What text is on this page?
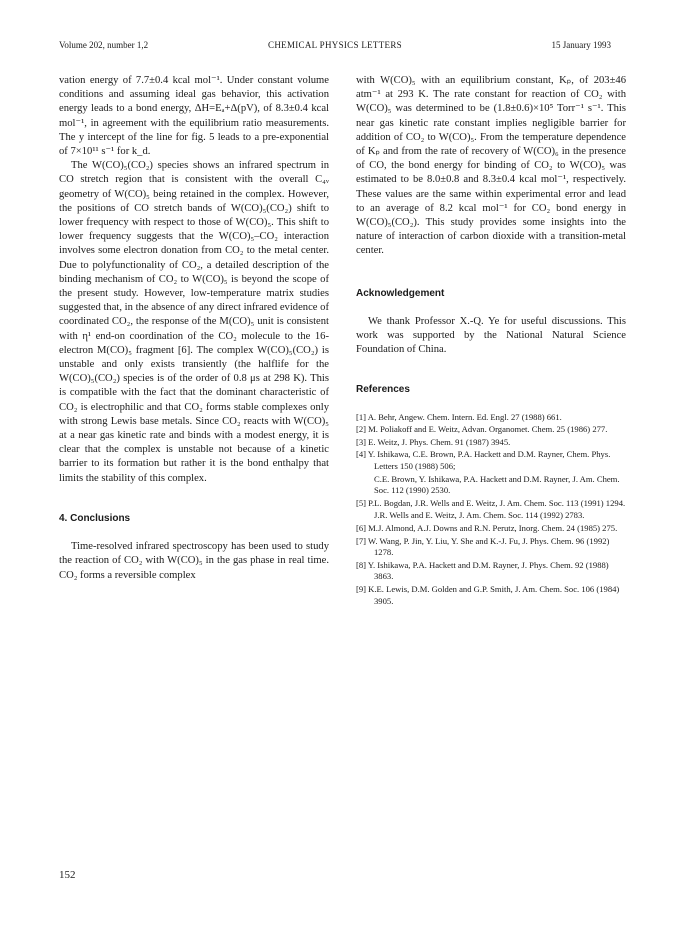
Volume 202, number 1,2	CHEMICAL PHYSICS LETTERS	15 January 1993

vation energy of 7.7±0.4 kcal mol⁻¹. Under constant volume conditions and assuming ideal gas behavior, this activation energy leads to a bond energy, ΔH=Eₐ+Δ(pV), of 8.3±0.4 kcal mol⁻¹, in agreement with the equilibrium ratio measurements. The y intercept of the line for fig. 5 leads to a pre-exponential of 7×10¹¹ s⁻¹ for k_d.

The W(CO)₅(CO₂) species shows an infrared spectrum in CO stretch region that is consistent with the overall C₄ᵥ geometry of W(CO)₅ being retained in the complex. However, the positions of CO stretch bands of W(CO)₅(CO₂) shift to lower frequency with respect to those of W(CO)₅. This shift to lower frequency suggests that the W(CO)₅–CO₂ interaction involves some electron donation from CO₂ to the metal center. Due to polyfunctionality of CO₂, a detailed description of the binding mechanism of CO₂ to W(CO)₅ is beyond the scope of the present study. However, low-temperature matrix studies suggested that, in the absence of any direct infrared evidence of coordinated CO₂, the response of the M(CO)₅ unit is consistent with η¹ end-on coordination of the CO₂ molecule to the 16-electron M(CO)₅ fragment [6]. The complex W(CO)₅(CO₂) is unstable and only exists transiently (the halflife for the W(CO)₅(CO₂) species is of the order of 0.8 μs at 298 K). This is compatible with the fact that the dominant characteristic of CO₂ is electrophilic and that CO₂ forms stable complexes only with strong Lewis base metals. Since CO₂ reacts with W(CO)₅ at a near gas kinetic rate and binds with a modest energy, it is clear that the complex is unstable not because of a kinetic barrier to its formation but rather it is the bond enthalpy that limits the stability of this complex.

4. Conclusions

Time-resolved infrared spectroscopy has been used to study the reaction of CO₂ with W(CO)₅ in the gas phase in real time. CO₂ forms a reversible complex

with W(CO)₅ with an equilibrium constant, Kₚ, of 203±46 atm⁻¹ at 293 K. The rate constant for reaction of CO₂ with W(CO)₅ was determined to be (1.8±0.6)×10⁵ Torr⁻¹ s⁻¹. This near gas kinetic rate constant implies negligible barrier for addition of CO₂ to W(CO)₅. From the temperature dependence of Kₚ and from the rate of recovery of W(CO)₆ in the presence of CO, the bond energy for binding of CO₂ to W(CO)₅ was estimated to be 8.0±0.8 and 8.3±0.4 kcal mol⁻¹, respectively. These values are the same within experimental error and lead to an average of 8.2 kcal mol⁻¹ for CO₂ bond energy in W(CO)₅(CO₂). This study provides some insights into the nature of interaction of carbon dioxide with a transition-metal center.

Acknowledgement

We thank Professor X.-Q. Ye for useful discussions. This work was supported by the National Natural Science Foundation of China.

References

[1] A. Behr, Angew. Chem. Intern. Ed. Engl. 27 (1988) 661.
[2] M. Poliakoff and E. Weitz, Advan. Organomet. Chem. 25 (1986) 277.
[3] E. Weitz, J. Phys. Chem. 91 (1987) 3945.
[4] Y. Ishikawa, C.E. Brown, P.A. Hackett and D.M. Rayner, Chem. Phys. Letters 150 (1988) 506;
C.E. Brown, Y. Ishikawa, P.A. Hackett and D.M. Rayner, J. Am. Chem. Soc. 112 (1990) 2530.
[5] P.L. Bogdan, J.R. Wells and E. Weitz, J. Am. Chem. Soc. 113 (1991) 1294.
J.R. Wells and E. Weitz, J. Am. Chem. Soc. 114 (1992) 2783.
[6] M.J. Almond, A.J. Downs and R.N. Perutz, Inorg. Chem. 24 (1985) 275.
[7] W. Wang, P. Jin, Y. Liu, Y. She and K.-J. Fu, J. Phys. Chem. 96 (1992) 1278.
[8] Y. Ishikawa, P.A. Hackett and D.M. Rayner, J. Phys. Chem. 92 (1988) 3863.
[9] K.E. Lewis, D.M. Golden and G.P. Smith, J. Am. Chem. Soc. 106 (1984) 3905.
152
